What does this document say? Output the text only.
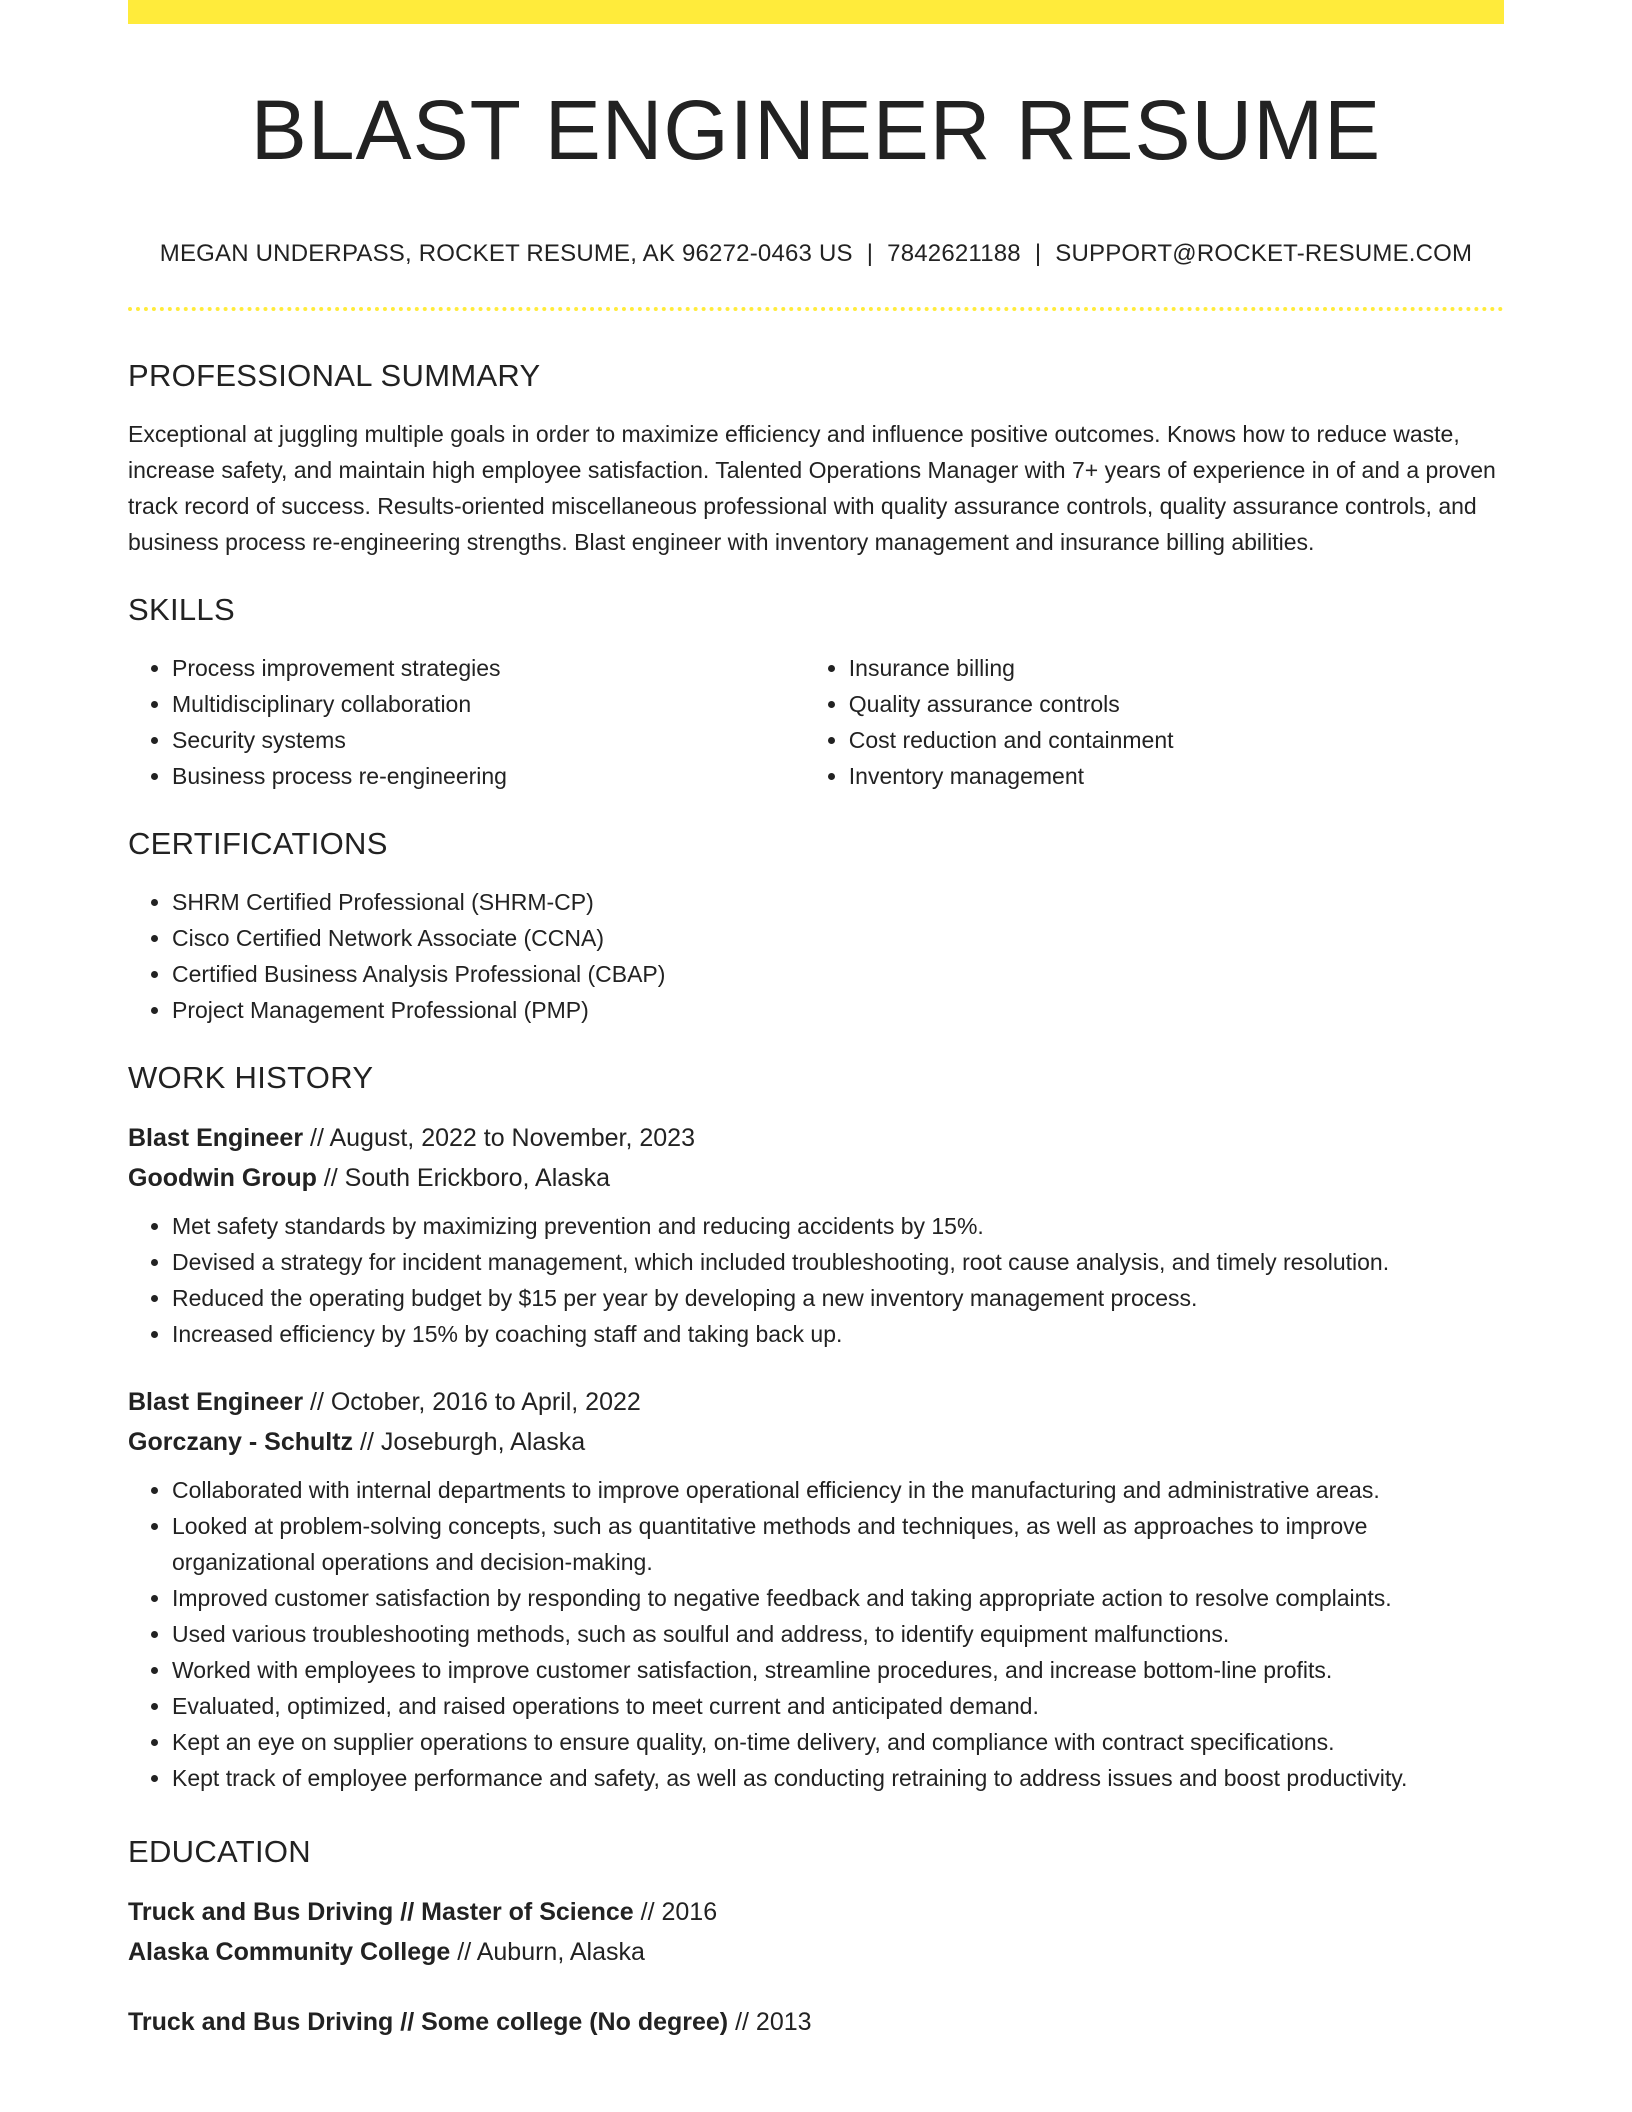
BLAST ENGINEER RESUME
MEGAN UNDERPASS, ROCKET RESUME, AK 96272-0463 US | 7842621188 | SUPPORT@ROCKET-RESUME.COM
PROFESSIONAL SUMMARY

Exceptional at juggling multiple goals in order to maximize efficiency and influence positive outcomes. Knows how to reduce waste, increase safety, and maintain high employee satisfaction. Talented Operations Manager with 7+ years of experience in of and a proven track record of success. Results-oriented miscellaneous professional with quality assurance controls, quality assurance controls, and business process re-engineering strengths. Blast engineer with inventory management and insurance billing abilities.

SKILLS
• Process improvement strategies
• Multidisciplinary collaboration
• Security systems
• Business process re-engineering
• Insurance billing
• Quality assurance controls
• Cost reduction and containment
• Inventory management
CERTIFICATIONS
• SHRM Certified Professional (SHRM-CP)
• Cisco Certified Network Associate (CCNA)
• Certified Business Analysis Professional (CBAP)
• Project Management Professional (PMP)
WORK HISTORY
Blast Engineer // August, 2022 to November, 2023
Goodwin Group // South Erickboro, Alaska
• Met safety standards by maximizing prevention and reducing accidents by 15%.
• Devised a strategy for incident management, which included troubleshooting, root cause analysis, and timely resolution.
• Reduced the operating budget by $15 per year by developing a new inventory management process.
• Increased efficiency by 15% by coaching staff and taking back up.
Blast Engineer // October, 2016 to April, 2022
Gorczany - Schultz // Joseburgh, Alaska
• Collaborated with internal departments to improve operational efficiency in the manufacturing and administrative areas.
• Looked at problem-solving concepts, such as quantitative methods and techniques, as well as approaches to improve organizational operations and decision-making.
• Improved customer satisfaction by responding to negative feedback and taking appropriate action to resolve complaints.
• Used various troubleshooting methods, such as soulful and address, to identify equipment malfunctions.
• Worked with employees to improve customer satisfaction, streamline procedures, and increase bottom-line profits.
• Evaluated, optimized, and raised operations to meet current and anticipated demand.
• Kept an eye on supplier operations to ensure quality, on-time delivery, and compliance with contract specifications.
• Kept track of employee performance and safety, as well as conducting retraining to address issues and boost productivity.
EDUCATION
Truck and Bus Driving // Master of Science // 2016
Alaska Community College // Auburn, Alaska
Truck and Bus Driving // Some college (No degree) // 2013
